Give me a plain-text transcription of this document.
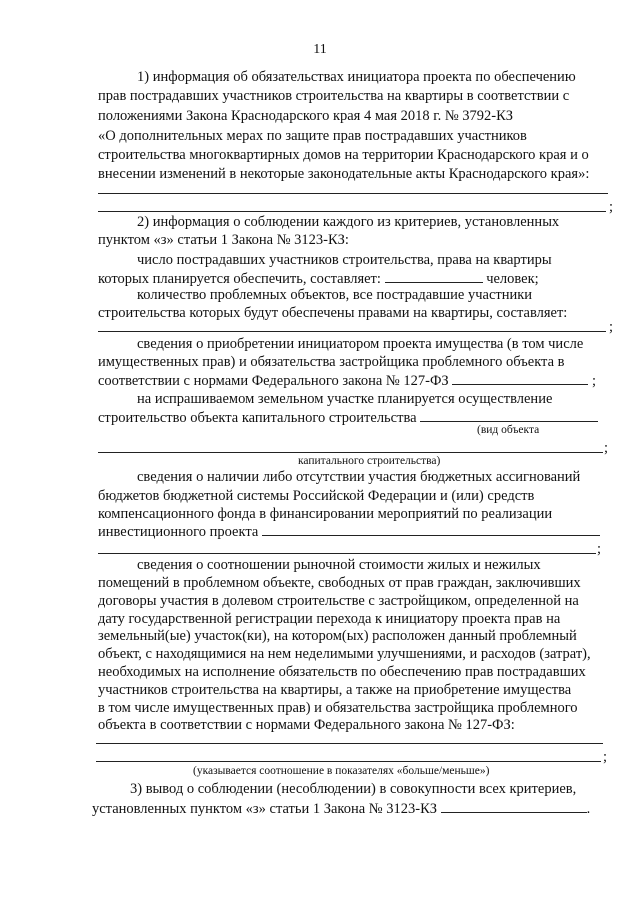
11
1) информация об обязательствах инициатора проекта по обеспечению
прав пострадавших участников строительства на квартиры в соответствии с
положениями Закона Краснодарского края 4 мая 2018 г. № 3792-КЗ
«О дополнительных мерах по защите прав пострадавших участников
строительства многоквартирных домов на территории Краснодарского края и о
внесении изменений в некоторые законодательные акты Краснодарского края»:
;
2) информация о соблюдении каждого из критериев, установленных
пунктом «з» статьи 1 Закона № 3123-КЗ:
число пострадавших участников строительства, права на квартиры
которых планируется обеспечить, составляет:	человек;
количество проблемных объектов, все пострадавшие участники
строительства которых будут обеспечены правами на квартиры, составляет:
;
сведения о приобретении инициатором проекта имущества (в том числе
имущественных прав) и обязательства застройщика проблемного объекта в
соответствии с нормами Федерального закона № 127-ФЗ	;
на испрашиваемом земельном участке планируется осуществление
строительство объекта капитального строительства
(вид объекта
;
капитального строительства)
сведения о наличии либо отсутствии участия бюджетных ассигнований
бюджетов бюджетной системы Российской Федерации и (или) средств
компенсационного фонда в финансировании мероприятий по реализации
инвестиционного проекта
;
сведения о соотношении рыночной стоимости жилых и нежилых
помещений в проблемном объекте, свободных от прав граждан, заключивших
договоры участия в долевом строительстве с застройщиком, определенной на
дату государственной регистрации перехода к инициатору проекта прав на
земельный(ые) участок(ки), на котором(ых) расположен данный проблемный
объект, с находящимися на нем неделимыми улучшениями, и расходов (затрат),
необходимых на исполнение обязательств по обеспечению прав пострадавших
участников строительства на квартиры, а также на приобретение имущества
в том числе имущественных прав) и обязательства застройщика проблемного
объекта в соответствии с нормами Федерального закона № 127-ФЗ:
;
(указывается соотношение в показателях «больше/меньше»)
3) вывод о соблюдении (несоблюдении) в совокупности всех критериев,
установленных пунктом «з» статьи 1 Закона № 3123-КЗ	.
